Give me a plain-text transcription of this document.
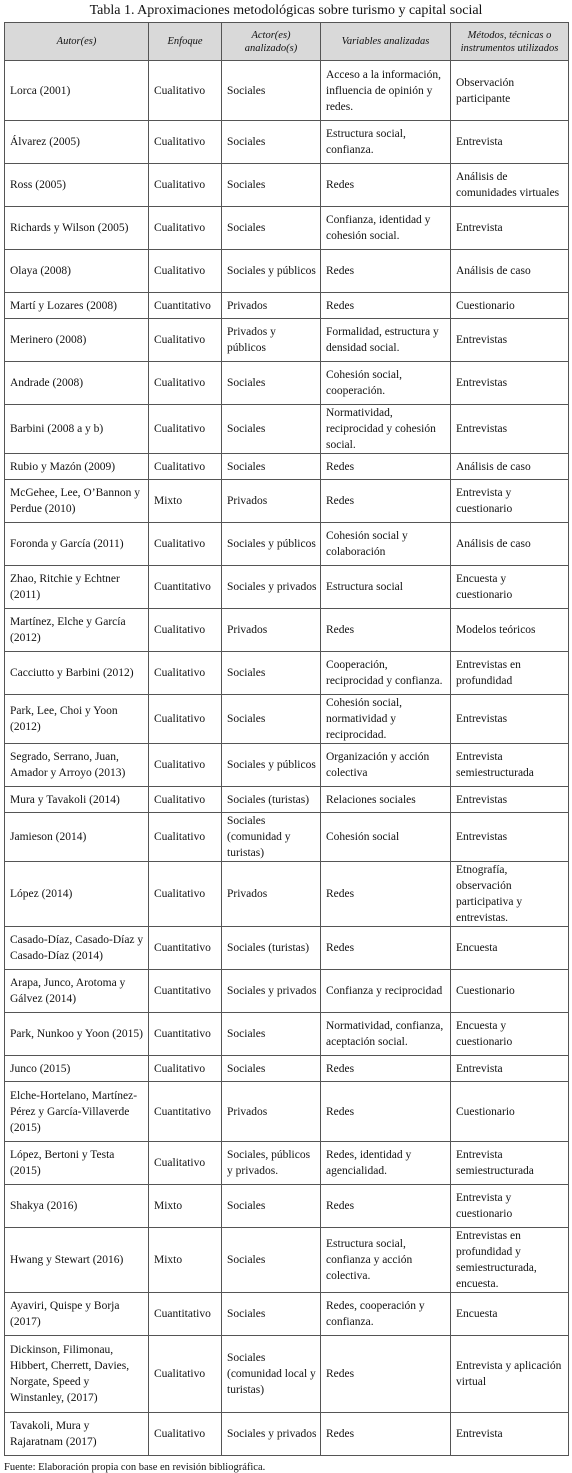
Tabla 1. Aproximaciones metodológicas sobre turismo y capital social
Autor(es)	Enfoque	Actor(es) analizado(s)	Variables analizadas	Métodos, técnicas o instrumentos utilizados
Lorca (2001)	Cualitativo	Sociales	Acceso a la información, influencia de opinión y redes.	Observación participante
Álvarez (2005)	Cualitativo	Sociales	Estructura social, confianza.	Entrevista
Ross (2005)	Cualitativo	Sociales	Redes	Análisis de comunidades virtuales
Richards y Wilson (2005)	Cualitativo	Sociales	Confianza, identidad y cohesión social.	Entrevista
Olaya (2008)	Cualitativo	Sociales y públicos	Redes	Análisis de caso
Martí y Lozares (2008)	Cuantitativo	Privados	Redes	Cuestionario
Merinero (2008)	Cualitativo	Privados y públicos	Formalidad, estructura y densidad social.	Entrevistas
Andrade (2008)	Cualitativo	Sociales	Cohesión social, cooperación.	Entrevistas
Barbini (2008 a y b)	Cualitativo	Sociales	Normatividad, reciprocidad y cohesión social.	Entrevistas
Rubio y Mazón (2009)	Cualitativo	Sociales	Redes	Análisis de caso
McGehee, Lee, O’Bannon y Perdue (2010)	Mixto	Privados	Redes	Entrevista y cuestionario
Foronda y García (2011)	Cualitativo	Sociales y públicos	Cohesión social y colaboración	Análisis de caso
Zhao, Ritchie y Echtner (2011)	Cuantitativo	Sociales y privados	Estructura social	Encuesta y cuestionario
Martínez, Elche y García (2012)	Cualitativo	Privados	Redes	Modelos teóricos
Cacciutto y Barbini (2012)	Cualitativo	Sociales	Cooperación, reciprocidad y confianza.	Entrevistas en profundidad
Park, Lee, Choi y Yoon (2012)	Cualitativo	Sociales	Cohesión social, normatividad y reciprocidad.	Entrevistas
Segrado, Serrano, Juan, Amador y Arroyo (2013)	Cualitativo	Sociales y públicos	Organización y acción colectiva	Entrevista semiestructurada
Mura y Tavakoli (2014)	Cualitativo	Sociales (turistas)	Relaciones sociales	Entrevistas
Jamieson (2014)	Cualitativo	Sociales (comunidad y turistas)	Cohesión social	Entrevistas
López (2014)	Cualitativo	Privados	Redes	Etnografía, observación participativa y entrevistas.
Casado-Díaz, Casado-Díaz y Casado-Díaz (2014)	Cuantitativo	Sociales (turistas)	Redes	Encuesta
Arapa, Junco, Arotoma y Gálvez (2014)	Cuantitativo	Sociales y privados	Confianza y reciprocidad	Cuestionario
Park, Nunkoo y Yoon (2015)	Cuantitativo	Sociales	Normatividad, confianza, aceptación social.	Encuesta y cuestionario
Junco (2015)	Cualitativo	Sociales	Redes	Entrevista
Elche-Hortelano, Martínez-Pérez y García-Villaverde (2015)	Cuantitativo	Privados	Redes	Cuestionario
López, Bertoni y Testa (2015)	Cualitativo	Sociales, públicos y privados.	Redes, identidad y agencialidad.	Entrevista semiestructurada
Shakya (2016)	Mixto	Sociales	Redes	Entrevista y cuestionario
Hwang y Stewart (2016)	Mixto	Sociales	Estructura social, confianza y acción colectiva.	Entrevistas en profundidad y semiestructurada, encuesta.
Ayaviri, Quispe y Borja (2017)	Cuantitativo	Sociales	Redes, cooperación y confianza.	Encuesta
Dickinson, Filimonau, Hibbert, Cherrett, Davies, Norgate, Speed y Winstanley, (2017)	Cualitativo	Sociales (comunidad local y turistas)	Redes	Entrevista y aplicación virtual
Tavakoli, Mura y Rajaratnam (2017)	Cualitativo	Sociales y privados	Redes	Entrevista
Fuente: Elaboración propia con base en revisión bibliográfica.
